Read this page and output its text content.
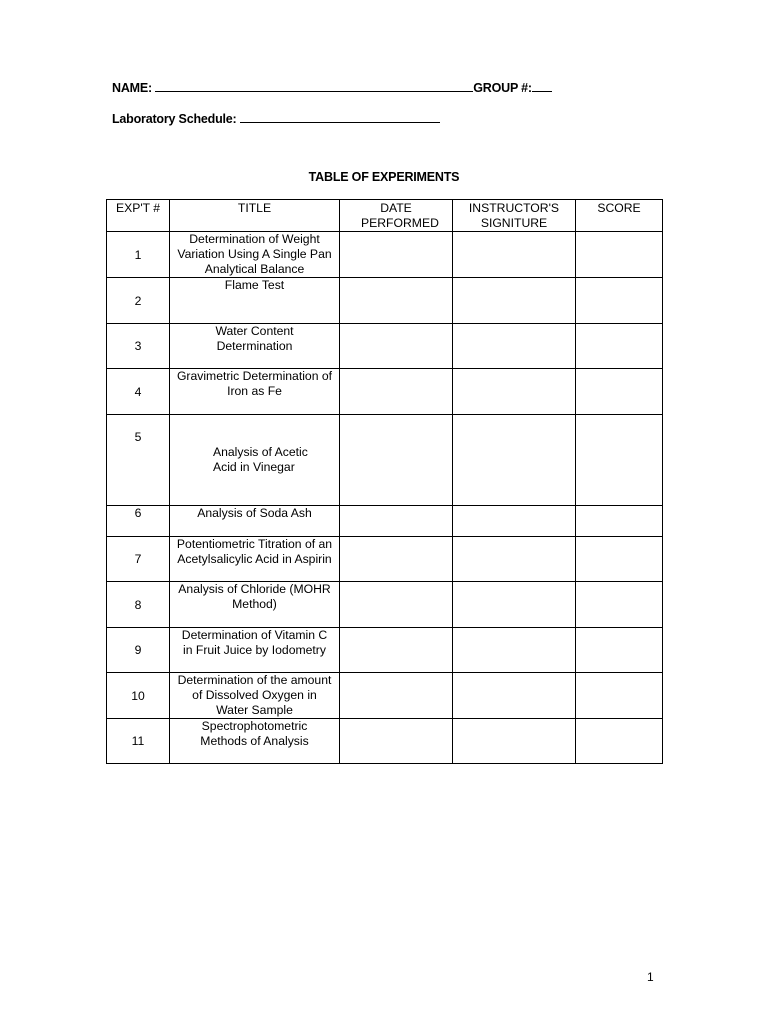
NAME:	GROUP #:
Laboratory Schedule:
TABLE OF EXPERIMENTS
EXP'T #	TITLE	DATE PERFORMED	INSTRUCTOR'S SIGNITURE	SCORE
1	Determination of Weight Variation Using A Single Pan Analytical Balance			
2	Flame Test			
3	Water Content Determination			

4	Gravimetric Determination of Iron as Fe			

5	Analysis of Acetic Acid in Vinegar			

6	Analysis of Soda Ash			
7	Potentiometric Titration of an Acetylsalicylic Acid in Aspirin			
8	Analysis of Chloride (MOHR Method)			
9	Determination of Vitamin C in Fruit Juice by Iodometry			
10	Determination of the amount of Dissolved Oxygen in Water Sample			
11	Spectrophotometric Methods of Analysis			

1
